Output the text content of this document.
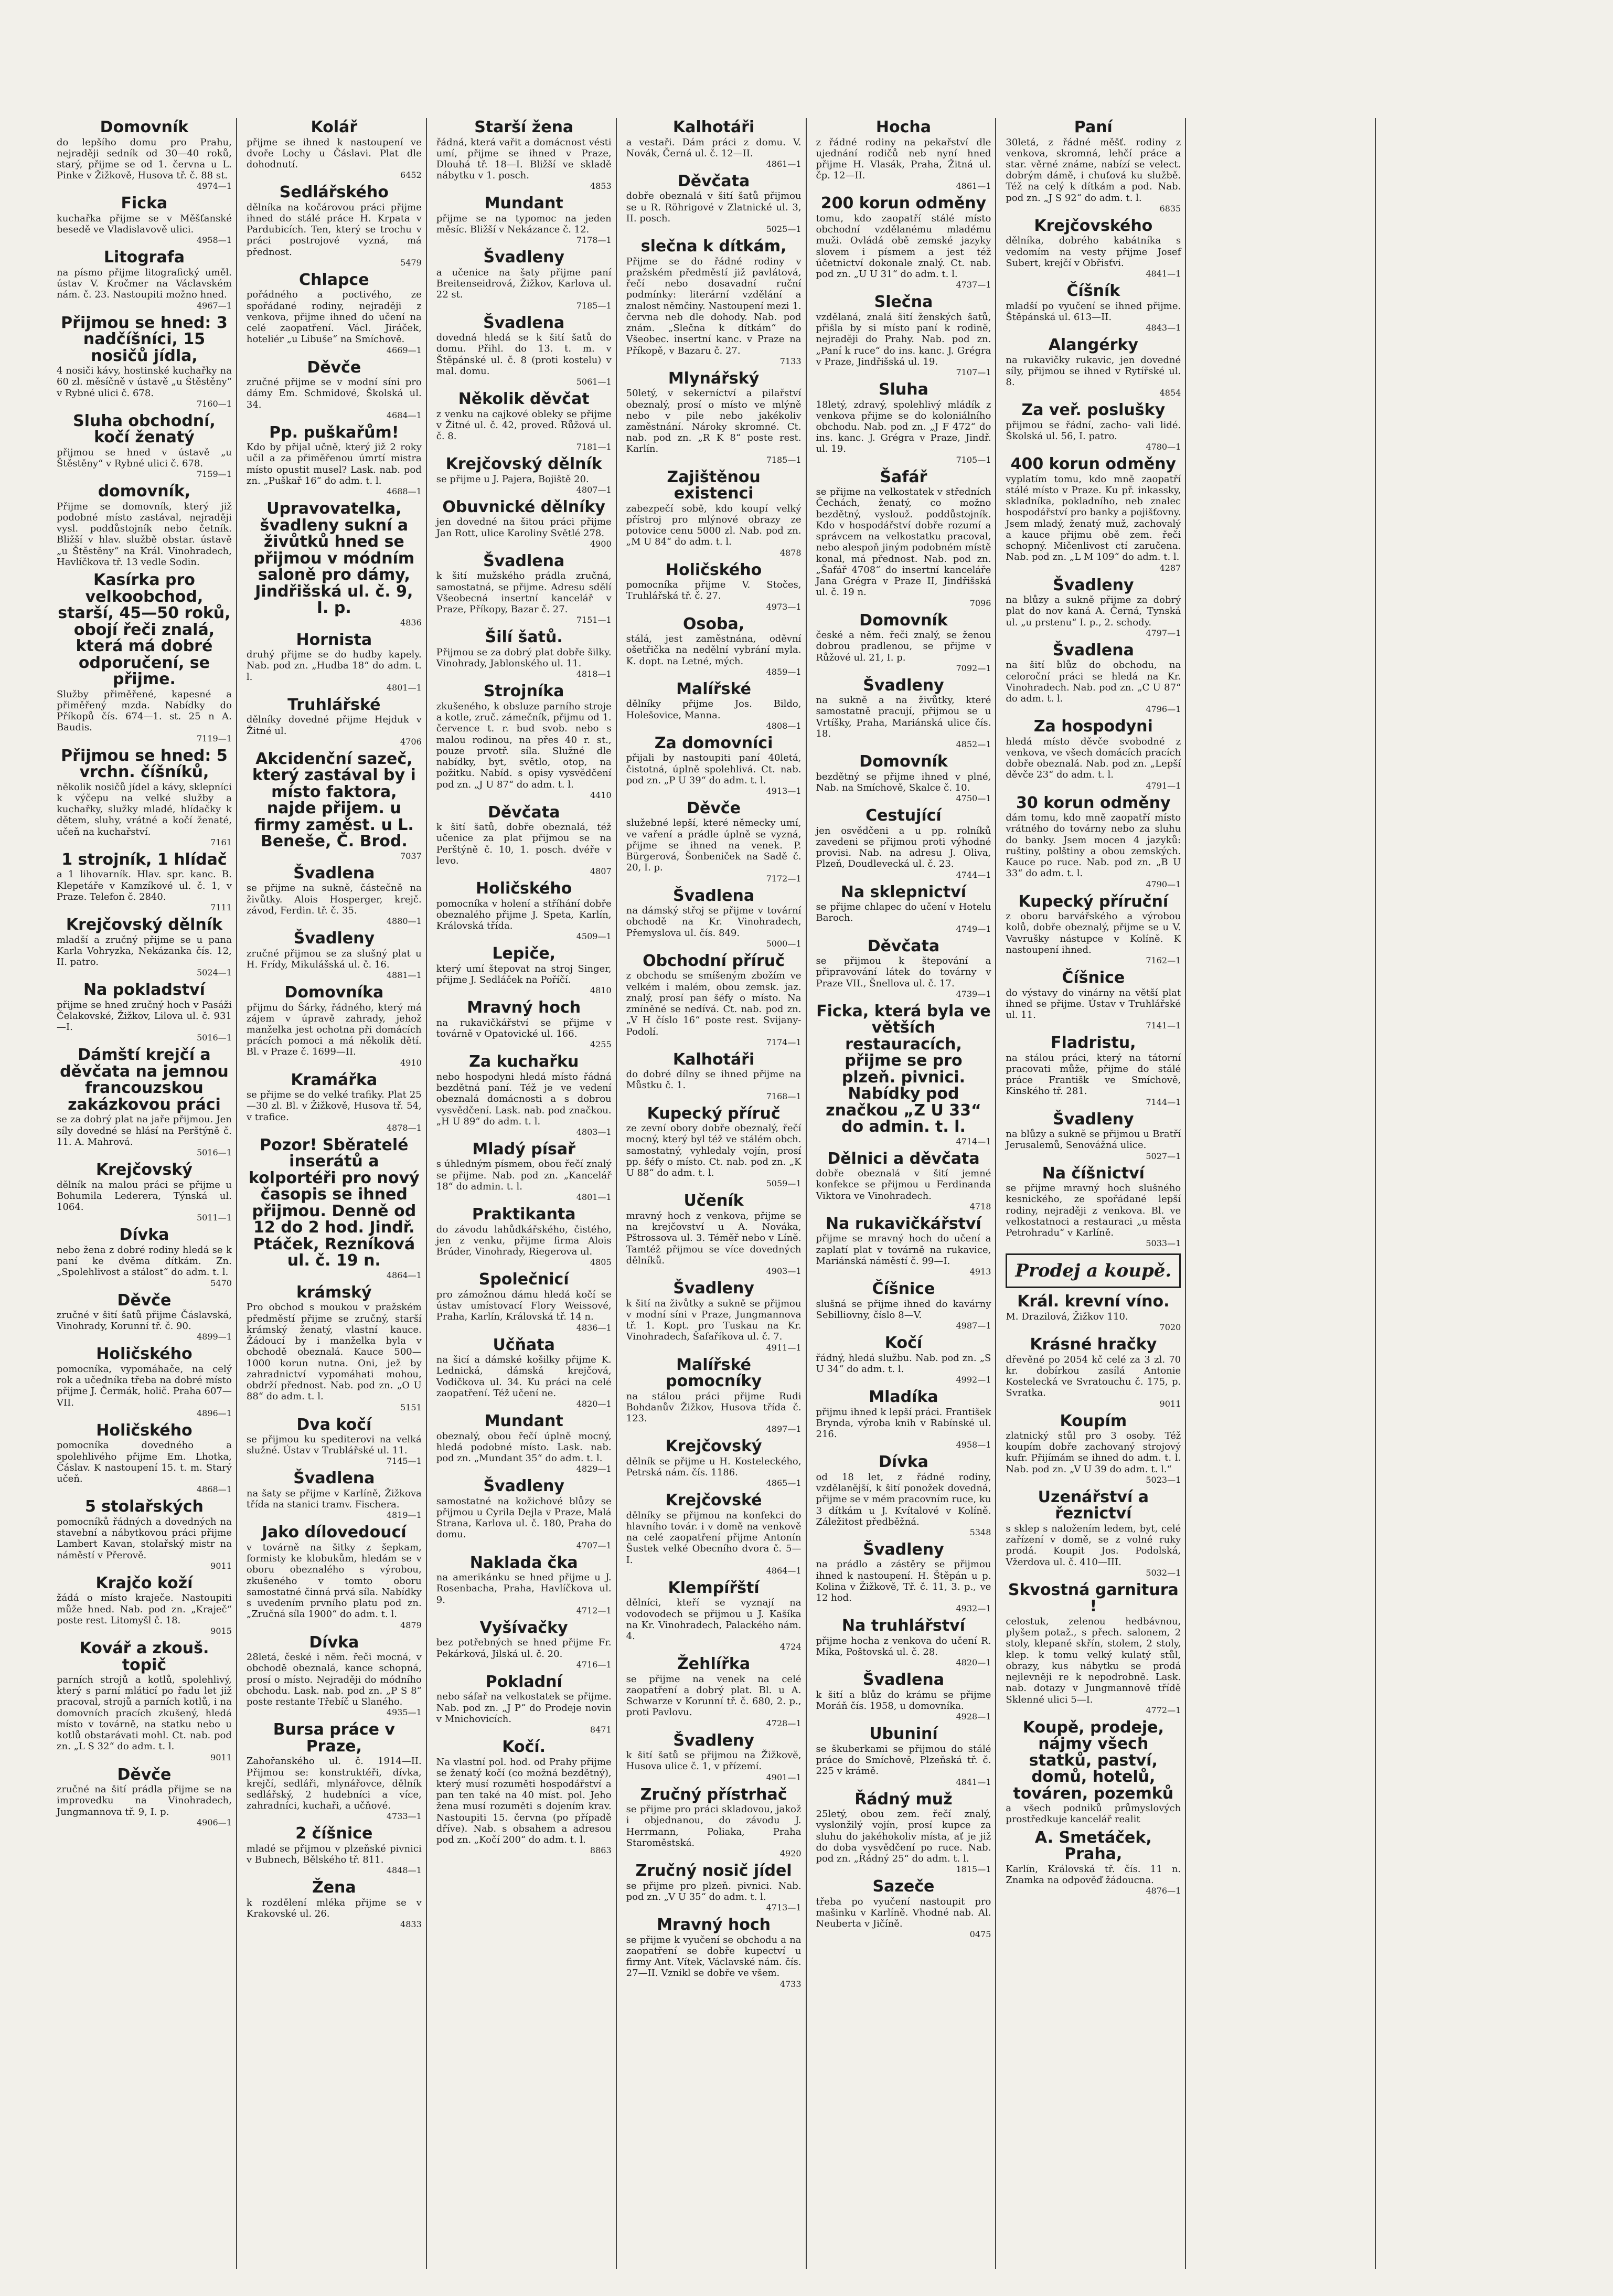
Domovník
do lepšího domu pro Prahu, nejraději sedník od 30—40 roků, starý, přijme se od 1. června u L. Pinke v Žižkově, Husova tř. č. 88 st.
4974—1
Ficka
kuchařka přijme se v Měšťanské besedě ve Vladislavově ulici.
4958—1
Litografa
na písmo přijme litografický uměl. ústav V. Kročmer na Václavském nám. č. 23. Nastoupiti možno hned.
4967—1
Přijmou se hned: 3 nadčíšníci, 15 nosičů jídla,
4 nosiči kávy, hostinské kuchařky na 60 zl. měsíčně v ústavě „u Štěstěny“ v Rybné ulici č. 678.
7160—1
Sluha obchodní, kočí ženatý
přijmou se hned v ústavě „u Štěstěny“ v Rybné ulici č. 678.
7159—1
domovník,
Přijme se domovník, který již podobné místo zastával, nejraději vysl. poddůstojník nebo četník. Bližší v hlav. službě obstar. ústavě „u Štěstěny“ na Král. Vinohradech, Havlíčkova tř. 13 vedle Sodin.
Kasírka pro velkoobchod, starší, 45—50 roků, obojí řeči znalá, která má dobré odporučení, se přijme.
Služby přiměřené, kapesné a přiměřený mzda. Nabídky do Příkopů čís. 674—1. st. 25 n A. Baudis.
7119—1
Přijmou se hned: 5 vrchn. číšníků,
několik nosičů jídel a kávy, sklepníci k výčepu na velké služby a kuchařky, služky mladé, hlídačky k dětem, sluhy, vrátné a kočí ženaté, učeň na kuchařství.
7161
1 strojník, 1 hlídač
a 1 lihovarník. Hlav. spr. kanc. B. Klepetáře v Kamzíkové ul. č. 1, v Praze. Telefon č. 2840.
7111
Krejčovský dělník
mladší a zručný přijme se u pana Karla Vohryzka, Nekázanka čís. 12, II. patro.
5024—1
Na pokladství
přijme se hned zručný hoch v Pasáži Čelakovské, Žižkov, Lilova ul. č. 931—I.
5016—1
Dámští krejčí a děvčata na jemnou francouzskou zakázkovou práci
se za dobrý plat na jaře přijmou. Jen síly dovedné se hlásí na Perštýně č. 11. A. Mahrová.
5016—1
Krejčovský
dělník na malou práci se přijme u Bohumila Lederera, Týnská ul. 1064.
5011—1
Dívka
nebo žena z dobré rodiny hledá se k paní ke dvěma dítkám. Zn. „Spolehlivost a stálost“ do adm. t. l.
5470
Děvče
zručné v šití šatů přijme Čáslavská, Vinohrady, Korunní tř. č. 90.
4899—1
Holičského
pomocníka, vypomáhače, na celý rok a učedníka třeba na dobré místo přijme J. Čermák, holič. Praha 607—VII.
4896—1
Holičského
pomocníka dovedného a spolehlivého přijme Em. Lhotka, Čáslav. K nastoupení 15. t. m. Starý učeň.
4868—1
5 stolařských
pomocníků řádných a dovedných na stavební a nábytkovou práci přijme Lambert Kavan, stolařský mistr na náměstí v Přerově.
9011
Krajčo koží
žádá o místo kraječe. Nastoupiti může hned. Nab. pod zn. „Kraječ“ poste rest. Litomyšl č. 18.
9015
Kovář a zkouš. topič
parních strojů a kotlů, spolehlivý, který s parní mláticí po řadu let již pracoval, strojů a parních kotlů, i na domovních pracích zkušený, hledá místo v továrně, na statku nebo u kotlů obstarávati mohl. Ct. nab. pod zn. „L S 32“ do adm. t. l.
9011
Děvče
zručné na šití prádla přijme se na improvedku na Vinohradech, Jungmannova tř. 9, I. p.
4906—1
Kolář
přijme se ihned k nastoupení ve dvoře Lochy u Čáslavi. Plat dle dohodnutí.
6452
Sedlářského
dělníka na kočárovou práci přijme ihned do stálé práce H. Krpata v Pardubicích. Ten, který se trochu v práci postrojové vyzná, má přednost.
5479
Chlapce
pořádného a poctivého, ze spořádané rodiny, nejraději z venkova, přijme ihned do učení na celé zaopatření. Václ. Jiráček, hoteliér „u Libuše“ na Smíchově.
4669—1
Děvče
zručné přijme se v modní síni pro dámy Em. Schmidové, Školská ul. 34.
4684—1
Pp. puškařům!
Kdo by přijal učně, který již 2 roky učil a za přiměřenou úmrtí mistra místo opustit musel? Lask. nab. pod zn. „Puškař 16“ do adm. t. l.
4688—1
Upravovatelka, švadleny sukní a živůtků hned se přijmou v módním saloně pro dámy, Jindřišská ul. č. 9, I. p.
4836
Hornista
druhý přijme se do hudby kapely. Nab. pod zn. „Hudba 18“ do adm. t. l.
4801—1
Truhlářské
dělníky dovedné přijme Hejduk v Žitné ul.
4706
Akcidenční sazeč, který zastával by i místo faktora, najde přijem. u firmy zaměst. u L. Beneše, Č. Brod.
7037
Švadlena
se přijme na sukně, částečně na živůtky. Alois Hosperger, krejč. závod, Ferdin. tř. č. 35.
4880—1
Švadleny
zručné přijmou se za slušný plat u H. Frídy, Mikulášská ul. č. 16.
4881—1
Domovníka
přijmu do Šárky, řádného, který má zájem v úpravě zahrady, jehož manželka jest ochotna při domácích prácích pomoci a má několik dětí. Bl. v Praze č. 1699—II.
4910
Kramářka
se přijme se do velké trafiky. Plat 25—30 zl. Bl. v Žižkově, Husova tř. 54, v trafice.
4878—1
Pozor! Sběratelé inserátů a kolportéři pro nový časopis se ihned přijmou. Denně od 12 do 2 hod. Jindř. Ptáček, Rezníková ul. č. 19 n.
4864—1
krámský
Pro obchod s moukou v pražském předměstí přijme se zručný, starší krámský ženatý, vlastní kauce. Žádoucí by i manželka byla v obchodě obeznalá. Kauce 500—1000 korun nutna. Oni, jež by zahradnictví vypomáhati mohou, obdrží přednost. Nab. pod zn. „O U 88“ do adm. t. l.
5151
Dva kočí
se přijmou ku spediterovi na velká služné. Ústav v Trublářské ul. 11.
7145—1
Švadlena
na šaty se přijme v Karlíně, Žižkova třída na stanici tramv. Fischera.
4819—1
Jako dílovedoucí
v továrně na šitky z šepkam, formisty ke klobukům, hledám se v oboru obeznalého s výrobou, zkušeného v tomto oboru samostatné činná prvá síla. Nabídky s uvedením prvního platu pod zn. „Zručná síla 1900“ do adm. t. l.
4879
Dívka
28letá, české i něm. řeči mocná, v obchodě obeznalá, kance schopná, prosí o místo. Nejraději do módního obchodu. Lask. nab. pod zn. „P S 8“ poste restante Třebíč u Slaného.
4935—1
Bursa práce v Praze,
Zahořanského ul. č. 1914—II. Přijmou se: konstruktéři, dívka, krejčí, sedláři, mlynářovce, dělník sedlářský, 2 hudebníci a více, zahradníci, kuchaři, a učňové.
4733—1
2 číšnice
mladé se přijmou v plzeňské pivnici v Bubnech, Bělského tř. 811.
4848—1
Žena
k rozdělení mléka přijme se v Krakovské ul. 26.
4833
Starší žena
řádná, která vařit a domácnost vésti umí, přijme se ihned v Praze, Dlouhá tř. 18—I. Bližší ve skladě nábytku v 1. posch.
4853
Mundant
přijme se na typomoc na jeden měsíc. Bližší v Nekázance č. 12.
7178—1
Švadleny
a učenice na šaty přijme paní Breitenseidrová, Žižkov, Karlova ul. 22 st.
7185—1
Švadlena
dovedná hledá se k šití šatů do domu. Přihl. do 13. t. m. v Štěpánské ul. č. 8 (proti kostelu) v mal. domu.
5061—1
Několik děvčat
z venku na cajkové obleky se přijme v Žitné ul. č. 42, proved. Růžová ul. č. 8.
7181—1
Krejčovský dělník
se přijme u J. Pajera, Bojiště 20.
4807—1
Obuvnické dělníky
jen dovedné na šitou práci přijme Jan Rott, ulice Karoliny Světlé 278.
4900
Švadlena
k šití mužského prádla zručná, samostatná, se přijme. Adresu sdělí Všeobecná insertní kancelář v Praze, Příkopy, Bazar č. 27.
7151—1
Šilí šatů.
Přijmou se za dobrý plat dobře šilky. Vinohrady, Jablonského ul. 11.
4818—1
Strojníka
zkušeného, k obsluze parního stroje a kotle, zruč. zámečník, přijmu od 1. července t. r. bud svob. nebo s malou rodinou, na přes 40 r. st., pouze prvotř. síla. Služné dle nabídky, byt, světlo, otop, na požitku. Nabíd. s opisy vysvědčení pod zn. „J U 87“ do adm. t. l.
4410
Děvčata
k šití šatů, dobře obeznalá, též učenice za plat přijmou se na Perštýně č. 10, 1. posch. dvéře v levo.
4807
Holičského
pomocníka v holení a stříhání dobře obeznalého přijme J. Speta, Karlín, Královská třída.
4509—1
Lepiče,
který umí štepovat na stroj Singer, přijme J. Sedláček na Poříčí.
4810
Mravný hoch
na rukavičkářství se přijme v továrně v Opatovické ul. 166.
4255
Za kuchařku
nebo hospodyni hledá místo řádná bezdětná paní. Též je ve vedení obeznalá domácnosti a s dobrou vysvědčení. Lask. nab. pod značkou. „H U 89“ do adm. t. l.
4803—1
Mladý písař
s úhledným písmem, obou řečí znalý se přijme. Nab. pod zn. „Kancelář 18“ do admin. t. l.
4801—1
Praktikanta
do závodu lahůdkářského, čistého, jen z venku, přijme firma Alois Brúder, Vinohrady, Riegerova ul.
4805
Společnicí
pro zámožnou dámu hledá kočí se ústav umístovací Flory Weissové, Praha, Karlín, Královská tř. 14 n.
4836—1
Učňata
na šicí a dámské košilky přijme K. Lednická, dámská krejčová, Vodičkova ul. 34. Ku práci na celé zaopatření. Též učení ne.
4820—1
Mundant
obeznalý, obou řečí úplně mocný, hledá podobné místo. Lask. nab. pod zn. „Mundant 35“ do adm. t. l.
4829—1
Švadleny
samostatné na kožichové blůzy se přijmou u Cyrila Dejla v Praze, Malá Strana, Karlova ul. č. 180, Praha do domu.
4707—1
Naklada čka
na amerikánku se hned přijme u J. Rosenbacha, Praha, Havlíčkova ul. 9.
4712—1
Vyšívačky
bez potřebných se hned přijme Fr. Pekárková, Jilská ul. č. 20.
4716—1
Pokladní
nebo sáfař na velkostatek se přijme. Nab. pod zn. „J P“ do Prodeje novin v Mnichovicích.
8471
Kočí.
Na vlastní pol. hod. od Prahy přijme se ženatý kočí (co možná bezdětný), který musí rozuměti hospodářství a pan ten také na 40 míst. pol. Jeho žena musí rozuměti s dojením krav. Nastoupiti 15. června (po případě dříve). Nab. s obsahem a adresou pod zn. „Kočí 200“ do adm. t. l.
8863
Kalhotáři
a vestaři. Dám práci z domu. V. Novák, Černá ul. č. 12—II.
4861—1
Děvčata
dobře obeznalá v šití šatů přijmou se u R. Röhrigové v Zlatnické ul. 3, II. posch.
5025—1
slečna k dítkám,
Přijme se do řádné rodiny v pražském předměstí již pavlátová, řečí nebo dosavadní ruční podmínky: literární vzdělání a znalost němčiny. Nastoupení mezi 1. června neb dle dohody. Nab. pod znám. „Slečna k dítkám“ do Všeobec. insertní kanc. v Praze na Příkopě, v Bazaru č. 27.
7133
Mlynářský
50letý, v sekerníctví a pilařství obeznalý, prosí o místo ve mlýně nebo v pile nebo jakékoliv zaměstnání. Nároky skromné. Ct. nab. pod zn. „R K 8“ poste rest. Karlín.
7185—1
Zajištěnou existenci
zabezpečí sobě, kdo koupí velký přístroj pro mlýnové obrazy ze potovice cenu 5000 zl. Nab. pod zn. „M U 84“ do adm. t. l.
4878
Holičského
pomocníka přijme V. Stočes, Truhlářská tř. č. 27.
4973—1
Osoba,
stálá, jest zaměstnána, oděvní ošetřička na nedělní vybrání myla. K. dopt. na Letné, mých.
4859—1
Malířské
dělníky přijme Jos. Bildo, Holešovice, Manna.
4808—1
Za domovníci
přijali by nastoupiti paní 40letá, čistotná, úplně spolehlivá. Ct. nab. pod zn. „P U 39“ do adm. t. l.
4913—1
Děvče
služebné lepší, které německy umí, ve vaření a prádle úplně se vyzná, přijme se ihned na venek. P. Bürgerová, Šonbeniček na Sadě č. 20, I. p.
7172—1
Švadlena
na dámský střoj se přijme v tovární obchodě na Kr. Vinohradech, Přemyslova ul. čís. 849.
5000—1
Obchodní příruč
z obchodu se smíšeným zbožím ve velkém i malém, obou zemsk. jaz. znalý, prosí pan šéfy o místo. Na zmíněné se nedívá. Ct. nab. pod zn. „V H číslo 16“ poste rest. Svijany-Podolí.
7174—1
Kalhotáři
do dobré dílny se ihned přijme na Můstku č. 1.
7168—1
Kupecký příruč
ze zevní obory dobře obeznalý, řečí mocný, který byl též ve stálém obch. samostatný, vyhledaly vojín, prosí pp. šéfy o místo. Ct. nab. pod zn. „K U 88“ do adm. t. l.
5059—1
Učeník
mravný hoch z venkova, přijme se na krejčovství u A. Nováka, Pštrossova ul. 3. Téměř nebo v Líně. Tamtéž přijmou se více dovedných dělníků.
4903—1
Švadleny
k šití na živůtky a sukně se přijmou v modní síni v Praze, Jungmannova tř. 1. Kopt. pro Tuskau na Kr. Vinohradech, Šafaříkova ul. č. 7.
4911—1
Malířské pomocníky
na stálou práci přijme Rudi Bohdanův Žižkov, Husova třída č. 123.
4897—1
Krejčovský
dělník se přijme u H. Kosteleckého, Petrská nám. čís. 1186.
4865—1
Krejčovské
dělníky se přijmou na konfekci do hlavního továr. i v domě na venkově na celé zaopatření přijme Antonín Šustek velké Obecního dvora č. 5—I.
4864—1
Klempířští
dělníci, kteří se vyznají na vodovodech se přijmou u J. Kašíka na Kr. Vinohradech, Palackého nám. 4.
4724
Žehlířka
se přijme na venek na celé zaopatření a dobrý plat. Bl. u A. Schwarze v Korunní tř. č. 680, 2. p., proti Pavlovu.
4728—1
Švadleny
k šití šatů se přijmou na Žižkově, Husova ulice č. 1, v přízemí.
4901—1
Zručný přístrhač
se přijme pro práci skladovou, jakož i objednanou, do závodu J. Herrmann, Poliaka, Praha Staroměstská.
4920
Zručný nosič jídel
se přijme pro plzeň. pivnici. Nab. pod zn. „V U 35“ do adm. t. l.
4713—1
Mravný hoch
se přijme k vyučení se obchodu a na zaopatření se dobře kupectví u firmy Ant. Vítek, Václavské nám. čís. 27—II. Vznikl se dobře ve všem.
4733
Hocha
z řádné rodiny na pekařství dle ujednání rodičů neb nyní hned přijme H. Vlasák, Praha, Žitná ul. čp. 12—II.
4861—1
200 korun odměny
tomu, kdo zaopatří stálé místo obchodní vzdělanému mladému muži. Ovládá obě zemské jazyky slovem i písmem a jest též účetnictví dokonale znalý. Ct. nab. pod zn. „U U 31“ do adm. t. l.
4737—1
Slečna
vzdělaná, znalá šití ženských šatů, přišla by si místo paní k rodině, nejraději do Prahy. Nab. pod zn. „Paní k ruce“ do ins. kanc. J. Grégra v Praze, Jindřišská ul. 19.
7107—1
Sluha
18letý, zdravý, spolehlivý mládík z venkova přijme se do koloniálního obchodu. Nab. pod zn. „J F 472“ do ins. kanc. J. Grégra v Praze, Jindř. ul. 19.
7105—1
Šafář
se přijme na velkostatek v středních Čechách, ženatý, co možno bezdětný, vyslouž. poddůstojník. Kdo v hospodářství dobře rozumí a správcem na velkostatku pracoval, nebo alespoň jiným podobném místě konal, má přednost. Nab. pod zn. „Šafář 4708“ do insertní kanceláře Jana Grégra v Praze II, Jindřišská ul. č. 19 n.
7096
Domovník
české a něm. řeči znalý, se ženou dobrou pradlenou, se přijme v Růžové ul. 21, I. p.
7092—1
Švadleny
na sukně a na živůtky, které samostatně pracují, přijmou se u Vrtíšky, Praha, Mariánská ulice čís. 18.
4852—1
Domovník
bezdětný se přijme ihned v plné, Nab. na Smíchově, Skalce č. 10.
4750—1
Cestující
jen osvědčeni a u pp. rolníků zavedeni se přijmou proti výhodné provisi. Nab. na adresu J. Oliva, Plzeň, Doudlevecká ul. č. 23.
4744—1
Na sklepnictví
se přijme chlapec do učení v Hotelu Baroch.
4749—1
Děvčata
se přijmou k štepování a připravování látek do továrny v Praze VII., Šnellova ul. č. 17.
4739—1
Ficka, která byla ve větších restauracích, přijme se pro plzeň. pivnici. Nabídky pod značkou „Z U 33“ do admin. t. l.
4714—1
Dělnici a děvčata
dobře obeznalá v šití jemné konfekce se přijmou u Ferdinanda Viktora ve Vinohradech.
4718
Na rukavičkářství
přijme se mravný hoch do učení a zaplatí plat v továrně na rukavice, Mariánská náměstí č. 99—I.
4913
Číšnice
slušná se přijme ihned do kavárny Sebilliovny, číslo 8—V.
4987—1
Kočí
řádný, hledá službu. Nab. pod zn. „S U 34“ do adm. t. l.
4992—1
Mladíka
přijmu ihned k lepší práci. František Brynda, výroba knih v Rabínské ul. 216.
4958—1
Dívka
od 18 let, z řádné rodiny, vzdělanější, k šití ponožek dovedná, přijme se v mém pracovním ruce, ku 3 dítkám u J. Kvítalové v Kolíně. Záležitost předběžná.
5348
Švadleny
na prádlo a zástěry se přijmou ihned k nastoupení. H. Štěpán u p. Kolina v Žižkově, Tř. č. 11, 3. p., ve 12 hod.
4932—1
Na truhlářství
přijme hocha z venkova do učení R. Míka, Poštovská ul. č. 28.
4820—1
Švadlena
k šití a blůz do krámu se přijme Moráň čís. 1958, u domovníka.
4928—1
Ubuniní
se škuberkami se přijmou do stálé práce do Smíchově, Plzeňská tř. č. 225 v krámě.
4841—1
Řádný muž
25letý, obou zem. řečí znalý, vyslonžilý vojín, prosí kupce za sluhu do jakéhokoliv místa, ať je již do doba vysvědčení po ruce. Nab. pod zn. „Řádný 25“ do adm. t. l.
1815—1
Sazeče
třeba po vyučení nastoupit pro mašinku v Karlíně. Vhodné nab. Al. Neuberta v Jičíně.
0475
Paní
30letá, z řádné měšť. rodiny z venkova, skromná, lehčí práce a star. věrné známe, nabízí se velect. dobrým dámě, i chuťová ku službě. Též na celý k dítkám a pod. Nab. pod zn. „J S 92“ do adm. t. l.
6835
Krejčovského
dělníka, dobrého kabátníka s vedomím na vesty přijme Josef Subert, krejčí v Obřisťvi.
4841—1
Číšník
mladší po vyučení se ihned přijme. Štěpánská ul. 613—II.
4843—1
Alangérky
na rukavičky rukavic, jen dovedné síly, přijmou se ihned v Rytířské ul. 8.
4854
Za veř. poslušky
přijmou se řádní, zacho- vali lidé. Školská ul. 56, I. patro.
4780—1
400 korun odměny
vyplatím tomu, kdo mně zaopatří stálé místo v Praze. Ku př. inkassky, skladníka, pokladního, neb znalec hospodářství pro banky a pojišťovny. Jsem mladý, ženatý muž, zachovalý a kauce přijmu obě zem. řeči schopný. Mičenlivost ctí zaručena. Nab. pod zn. „L M 109“ do adm. t. l.
4287
Švadleny
na blůzy a sukně přijme za dobrý plat do nov kaná A. Černá, Tynská ul. „u prstenu“ I. p., 2. schody.
4797—1
Švadlena
na šití blůz do obchodu, na celoroční práci se hledá na Kr. Vinohradech. Nab. pod zn. „C U 87“ do adm. t. l.
4796—1
Za hospodyni
hledá místo děvče svobodné z venkova, ve všech domácích pracích dobře obeznalá. Nab. pod zn. „Lepší děvče 23“ do adm. t. l.
4791—1
30 korun odměny
dám tomu, kdo mně zaopatří místo vrátného do továrny nebo za sluhu do banky. Jsem mocen 4 jazyků: ruštiny, polštiny a obou zemských. Kauce po ruce. Nab. pod zn. „B U 33“ do adm. t. l.
4790—1
Kupecký příruční
z oboru barvářského a výrobou kolů, dobře obeznalý, přijme se u V. Vavrušky nástupce v Kolíně. K nastoupení ihned.
7162—1
Číšnice
do výstavy do vinárny na větší plat ihned se přijme. Ústav v Truhlářské ul. 11.
7141—1
Fladristu,
na stálou práci, který na tátorní pracovati může, přijme do stálé práce Františk ve Smíchově, Kinského tř. 281.
7144—1
Švadleny
na blůzy a sukně se přijmou u Bratří Jerusalemů, Senovážná ulice.
5027—1
Na číšnictví
se přijme mravný hoch slušného kesnického, ze spořádané lepší rodiny, nejraději z venkova. Bl. ve velkostatnoci a restauraci „u města Petrohradu“ v Karlíně.
5033—1
Prodej a koupě.
Král. krevní víno.
M. Drazilová, Žižkov 110.
7020
Krásné hračky
dřevěné po 2054 kč celé za 3 zl. 70 kr. dobírkou zasílá Antonie Kostelecká ve Svratouchu č. 175, p. Svratka.
9011
Koupím
zlatnický stůl pro 3 osoby. Též koupím dobře zachovaný strojový kufr. Přijímám se ihned do adm. t. l. Nab. pod zn. „V U 39 do adm. t. l.“
5023—1
Uzenářství a řeznictví
s sklep s naložením ledem, byt, celé zařízení v domě, se z volné ruky prodá. Koupit Jos. Podolská, Vžerdova ul. č. 410—III.
5032—1
Skvostná garnitura !
celostuk, zelenou hedbávnou, plyšem potaž., s přech. salonem, 2 stoly, klepané skřín, stolem, 2 stoly, klep. k tomu velký kulatý stůl, obrazy, kus nábytku se prodá nejlevněji re k nepodrobně. Lask. nab. dotazy v Jungmannově třídě Sklenné ulici 5—I.
4772—1
Koupě, prodeje, nájmy všech statků, paství, domů, hotelů, továren, pozemků
a všech podniků průmyslových prostředkuje kancelář realit
A. Smetáček, Praha,
Karlín, Královská tř. čís. 11 n. Znamka na odpověď žádoucna.
4876—1
